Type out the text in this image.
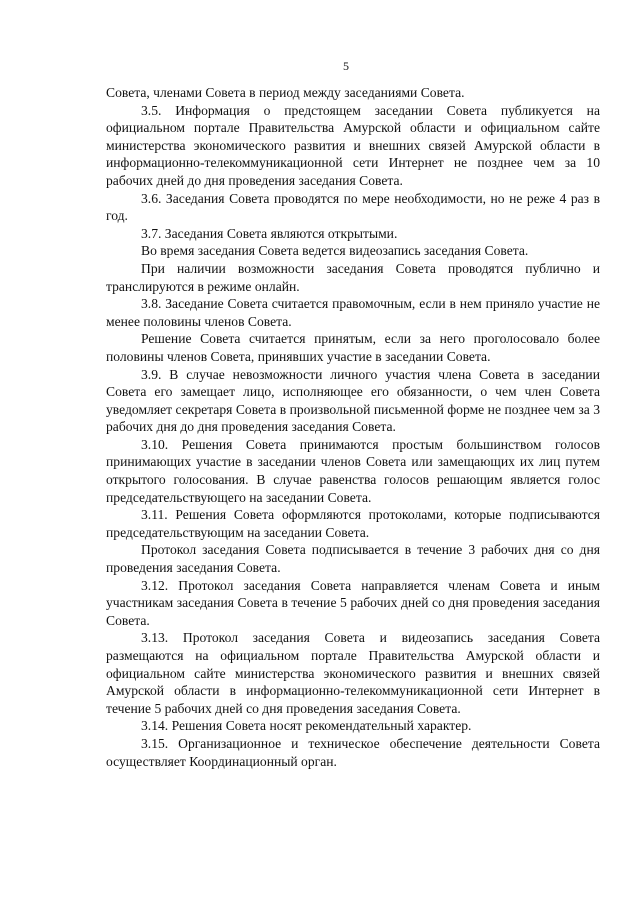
5

Совета, членами Совета в период между заседаниями Совета.

3.5. Информация о предстоящем заседании Совета публикуется на официальном портале Правительства Амурской области и официальном сайте министерства экономического развития и внешних связей Амурской области в информационно-телекоммуникационной сети Интернет не позднее чем за 10 рабочих дней до дня проведения заседания Совета.

3.6. Заседания Совета проводятся по мере необходимости, но не реже 4 раз в год.

3.7. Заседания Совета являются открытыми.

Во время заседания Совета ведется видеозапись заседания Совета.

При наличии возможности заседания Совета проводятся публично и транслируются в режиме онлайн.

3.8. Заседание Совета считается правомочным, если в нем приняло участие не менее половины членов Совета.

Решение Совета считается принятым, если за него проголосовало более половины членов Совета, принявших участие в заседании Совета.

3.9. В случае невозможности личного участия члена Совета в заседании Совета его замещает лицо, исполняющее его обязанности, о чем член Совета уведомляет секретаря Совета в произвольной письменной форме не позднее чем за 3 рабочих дня до дня проведения заседания Совета.

3.10. Решения Совета принимаются простым большинством голосов принимающих участие в заседании членов Совета или замещающих их лиц путем открытого голосования. В случае равенства голосов решающим является голос председательствующего на заседании Совета.

3.11. Решения Совета оформляются протоколами, которые подписываются председательствующим на заседании Совета.

Протокол заседания Совета подписывается в течение 3 рабочих дня со дня проведения заседания Совета.

3.12. Протокол заседания Совета направляется членам Совета и иным участникам заседания Совета в течение 5 рабочих дней со дня проведения заседания Совета.

3.13. Протокол заседания Совета и видеозапись заседания Совета размещаются на официальном портале Правительства Амурской области и официальном сайте министерства экономического развития и внешних связей Амурской области в информационно-телекоммуникационной сети Интернет в течение 5 рабочих дней со дня проведения заседания Совета.

3.14. Решения Совета носят рекомендательный характер.

3.15. Организационное и техническое обеспечение деятельности Совета осуществляет Координационный орган.
